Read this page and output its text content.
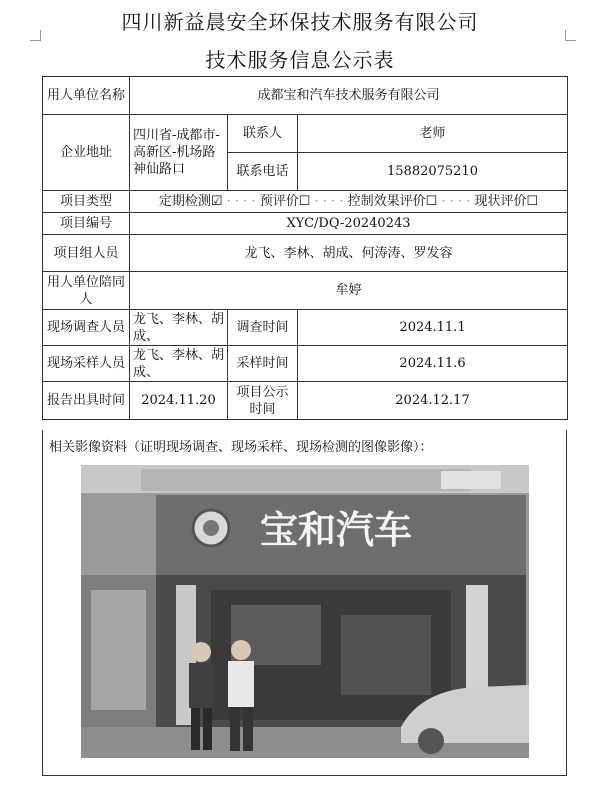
四川新益晨安全环保技术服务有限公司
技术服务信息公示表
用人单位名称	成都宝和汽车技术服务有限公司		
企业地址	四川省-成都市-高新区-机场路神仙路口	联系人	老师
		联系电话	15882075210
项目类型	定期检测☑ · · · · 预评价☐ · · · · 控制效果评价☐ · · · · 现状评价☐		
项目编号	XYC/DQ-20240243		
项目组人员	龙飞、李林、胡成、何涛涛、罗发容		
用人单位陪同人	牟婷		
现场调查人员	龙飞、李林、胡成、	调查时间	2024.11.1
现场采样人员	龙飞、李林、胡成、	采样时间	2024.11.6
报告出具时间	2024.11.20	项目公示时间	2024.12.17
相关影像资料（证明现场调查、现场采样、现场检测的图像影像）：
宝和汽车
